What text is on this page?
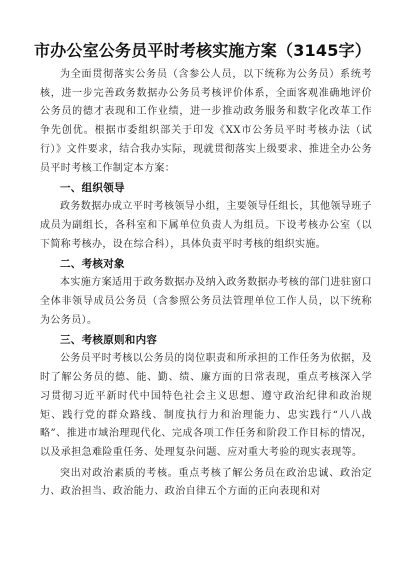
市办公室公务员平时考核实施方案（3145字）

为全面贯彻落实公务员（含参公人员，以下统称为公务员）系统考核，进一步完善政务数据办公务员考核评价体系，全面客观准确地评价公务员的德才表现和工作业绩，进一步推动政务服务和数字化改革工作争先创优。根据市委组织部关于印发《XX市公务员平时考核办法（试行）》文件要求，结合我办实际，现就贯彻落实上级要求、推进全办公务员平时考核工作制定本方案：

一、组织领导

政务数据办成立平时考核领导小组，主要领导任组长，其他领导班子成员为副组长，各科室和下属单位负责人为组员。下设考核办公室（以下简称考核办，设在综合科），具体负责平时考核的组织实施。

二、考核对象

本实施方案适用于政务数据办及纳入政务数据办考核的部门进驻窗口全体非领导成员公务员（含参照公务员法管理单位工作人员，以下统称为公务员）。

三、考核原则和内容

公务员平时考核以公务员的岗位职责和所承担的工作任务为依据，及时了解公务员的德、能、勤、绩、廉方面的日常表现，重点考核深入学习贯彻习近平新时代中国特色社会主义思想、遵守政治纪律和政治规矩、践行党的群众路线、制度执行力和治理能力、忠实践行“八八战略”、推进市域治理现代化、完成各项工作任务和阶段工作目标的情况，以及承担急难险重任务、处理复杂问题、应对重大考验的现实表现等。

突出对政治素质的考核。重点考核了解公务员在政治忠诚、政治定力、政治担当、政治能力、政治自律五个方面的正向表现和对
